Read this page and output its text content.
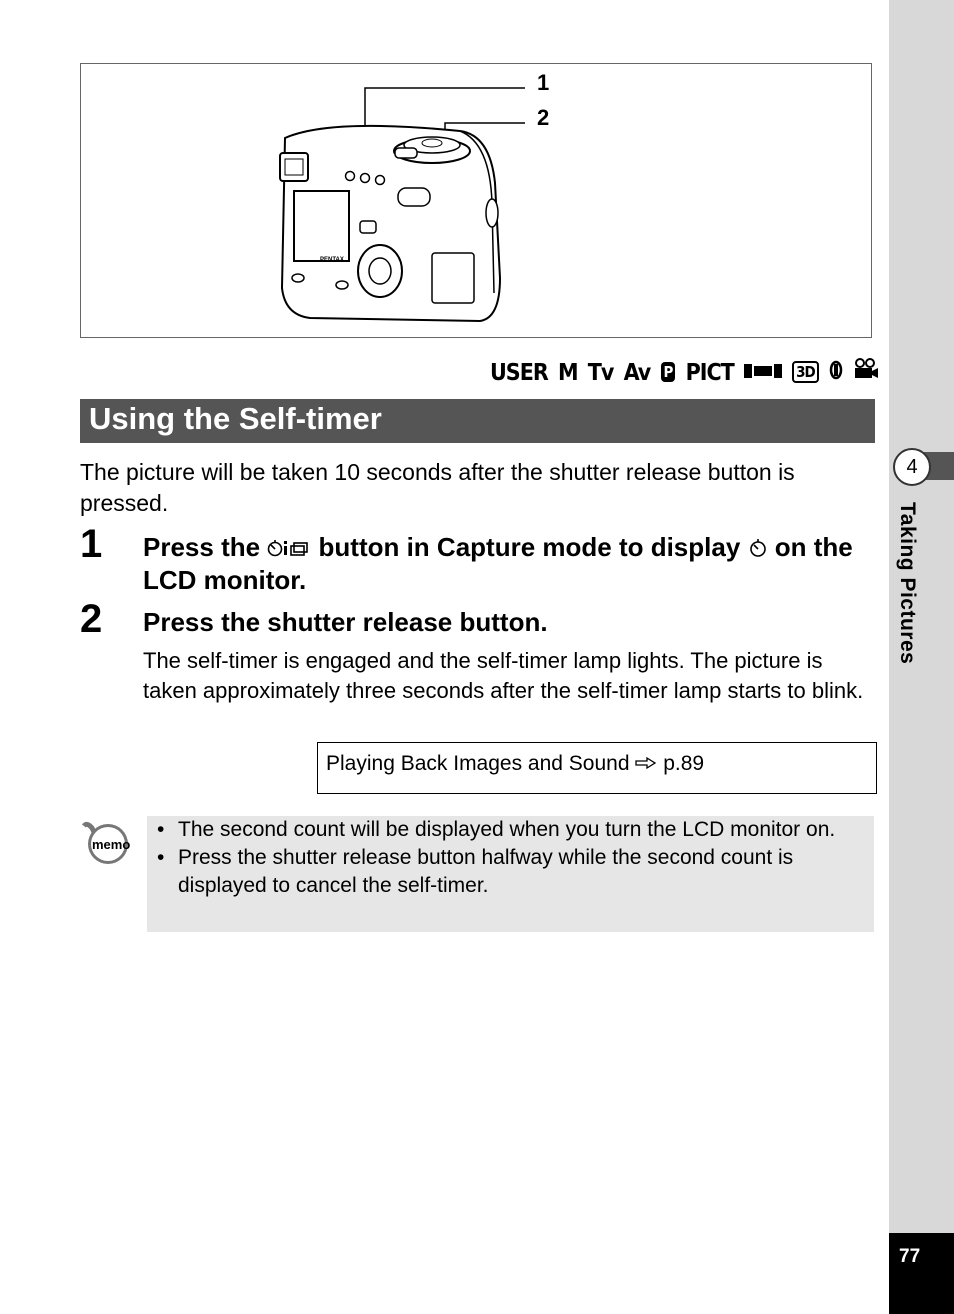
4
Taking Pictures
77
PENTAX
1
2
USER M Tv Av P PICT	3D
Using the Self-timer
The picture will be taken 10 seconds after the shutter release button is pressed.
1 Press the  button in Capture mode to display  on the LCD monitor.
2 Press the shutter release button.
The self-timer is engaged and the self-timer lamp lights. The picture is taken approximately three seconds after the self-timer lamp starts to blink.
Playing Back Images and Sound p.89
memo
• The second count will be displayed when you turn the LCD monitor on.
• Press the shutter release button halfway while the second count is displayed to cancel the self-timer.
